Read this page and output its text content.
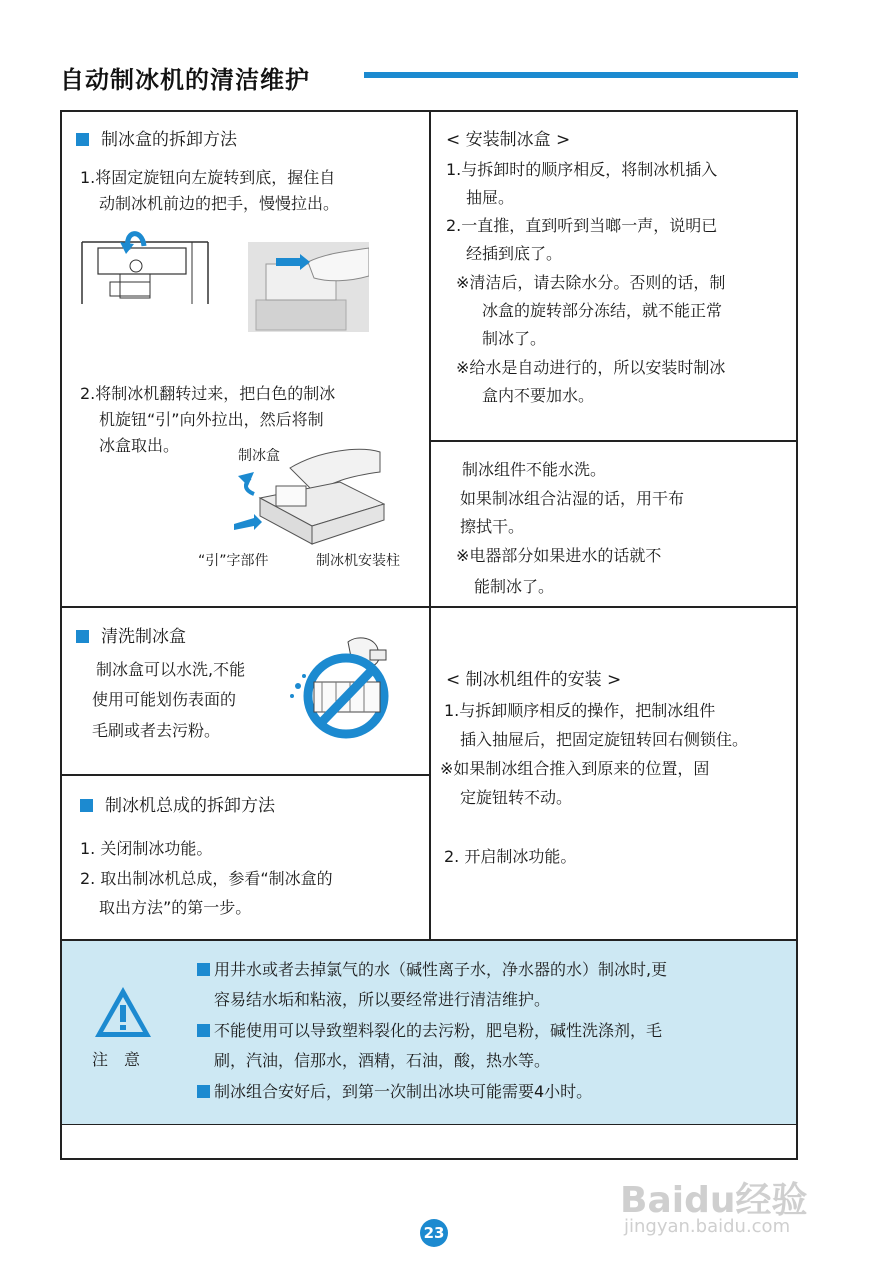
自动制冰机的清洁维护
制冰盒的拆卸方法
1.将固定旋钮向左旋转到底，握住自
动制冰机前边的把手，慢慢拉出。
2.将制冰机翻转过来，把白色的制冰
机旋钮“引”向外拉出，然后将制
冰盒取出。
制冰盒
“引”字部件	制冰机安装柱
< 安装制冰盒 >
1.与拆卸时的顺序相反，将制冰机插入
抽屉。
2.一直推，直到听到当啷一声，说明已
经插到底了。
※清洁后，请去除水分。否则的话，制
冰盒的旋转部分冻结，就不能正常
制冰了。
※给水是自动进行的，所以安装时制冰
盒内不要加水。
制冰组件不能水洗。
如果制冰组合沾湿的话，用干布
擦拭干。
※电器部分如果进水的话就不
能制冰了。
清洗制冰盒
制冰盒可以水洗,不能
使用可能划伤表面的
毛刷或者去污粉。
< 制冰机组件的安装 >
1.与拆卸顺序相反的操作，把制冰组件
插入抽屉后，把固定旋钮转回右侧锁住。
※如果制冰组合推入到原来的位置，固
定旋钮转不动。
2. 开启制冰功能。
制冰机总成的拆卸方法
1. 关闭制冰功能。
2. 取出制冰机总成，参看“制冰盒的
取出方法”的第一步。
注　意
用井水或者去掉氯气的水（碱性离子水，净水器的水）制冰时,更
容易结水垢和粘液，所以要经常进行清洁维护。
不能使用可以导致塑料裂化的去污粉，肥皂粉，碱性洗涤剂，毛
刷，汽油，信那水，酒精，石油，酸，热水等。
制冰组合安好后，到第一次制出冰块可能需要4小时。
Baidu经验
jingyan.baidu.com
23
